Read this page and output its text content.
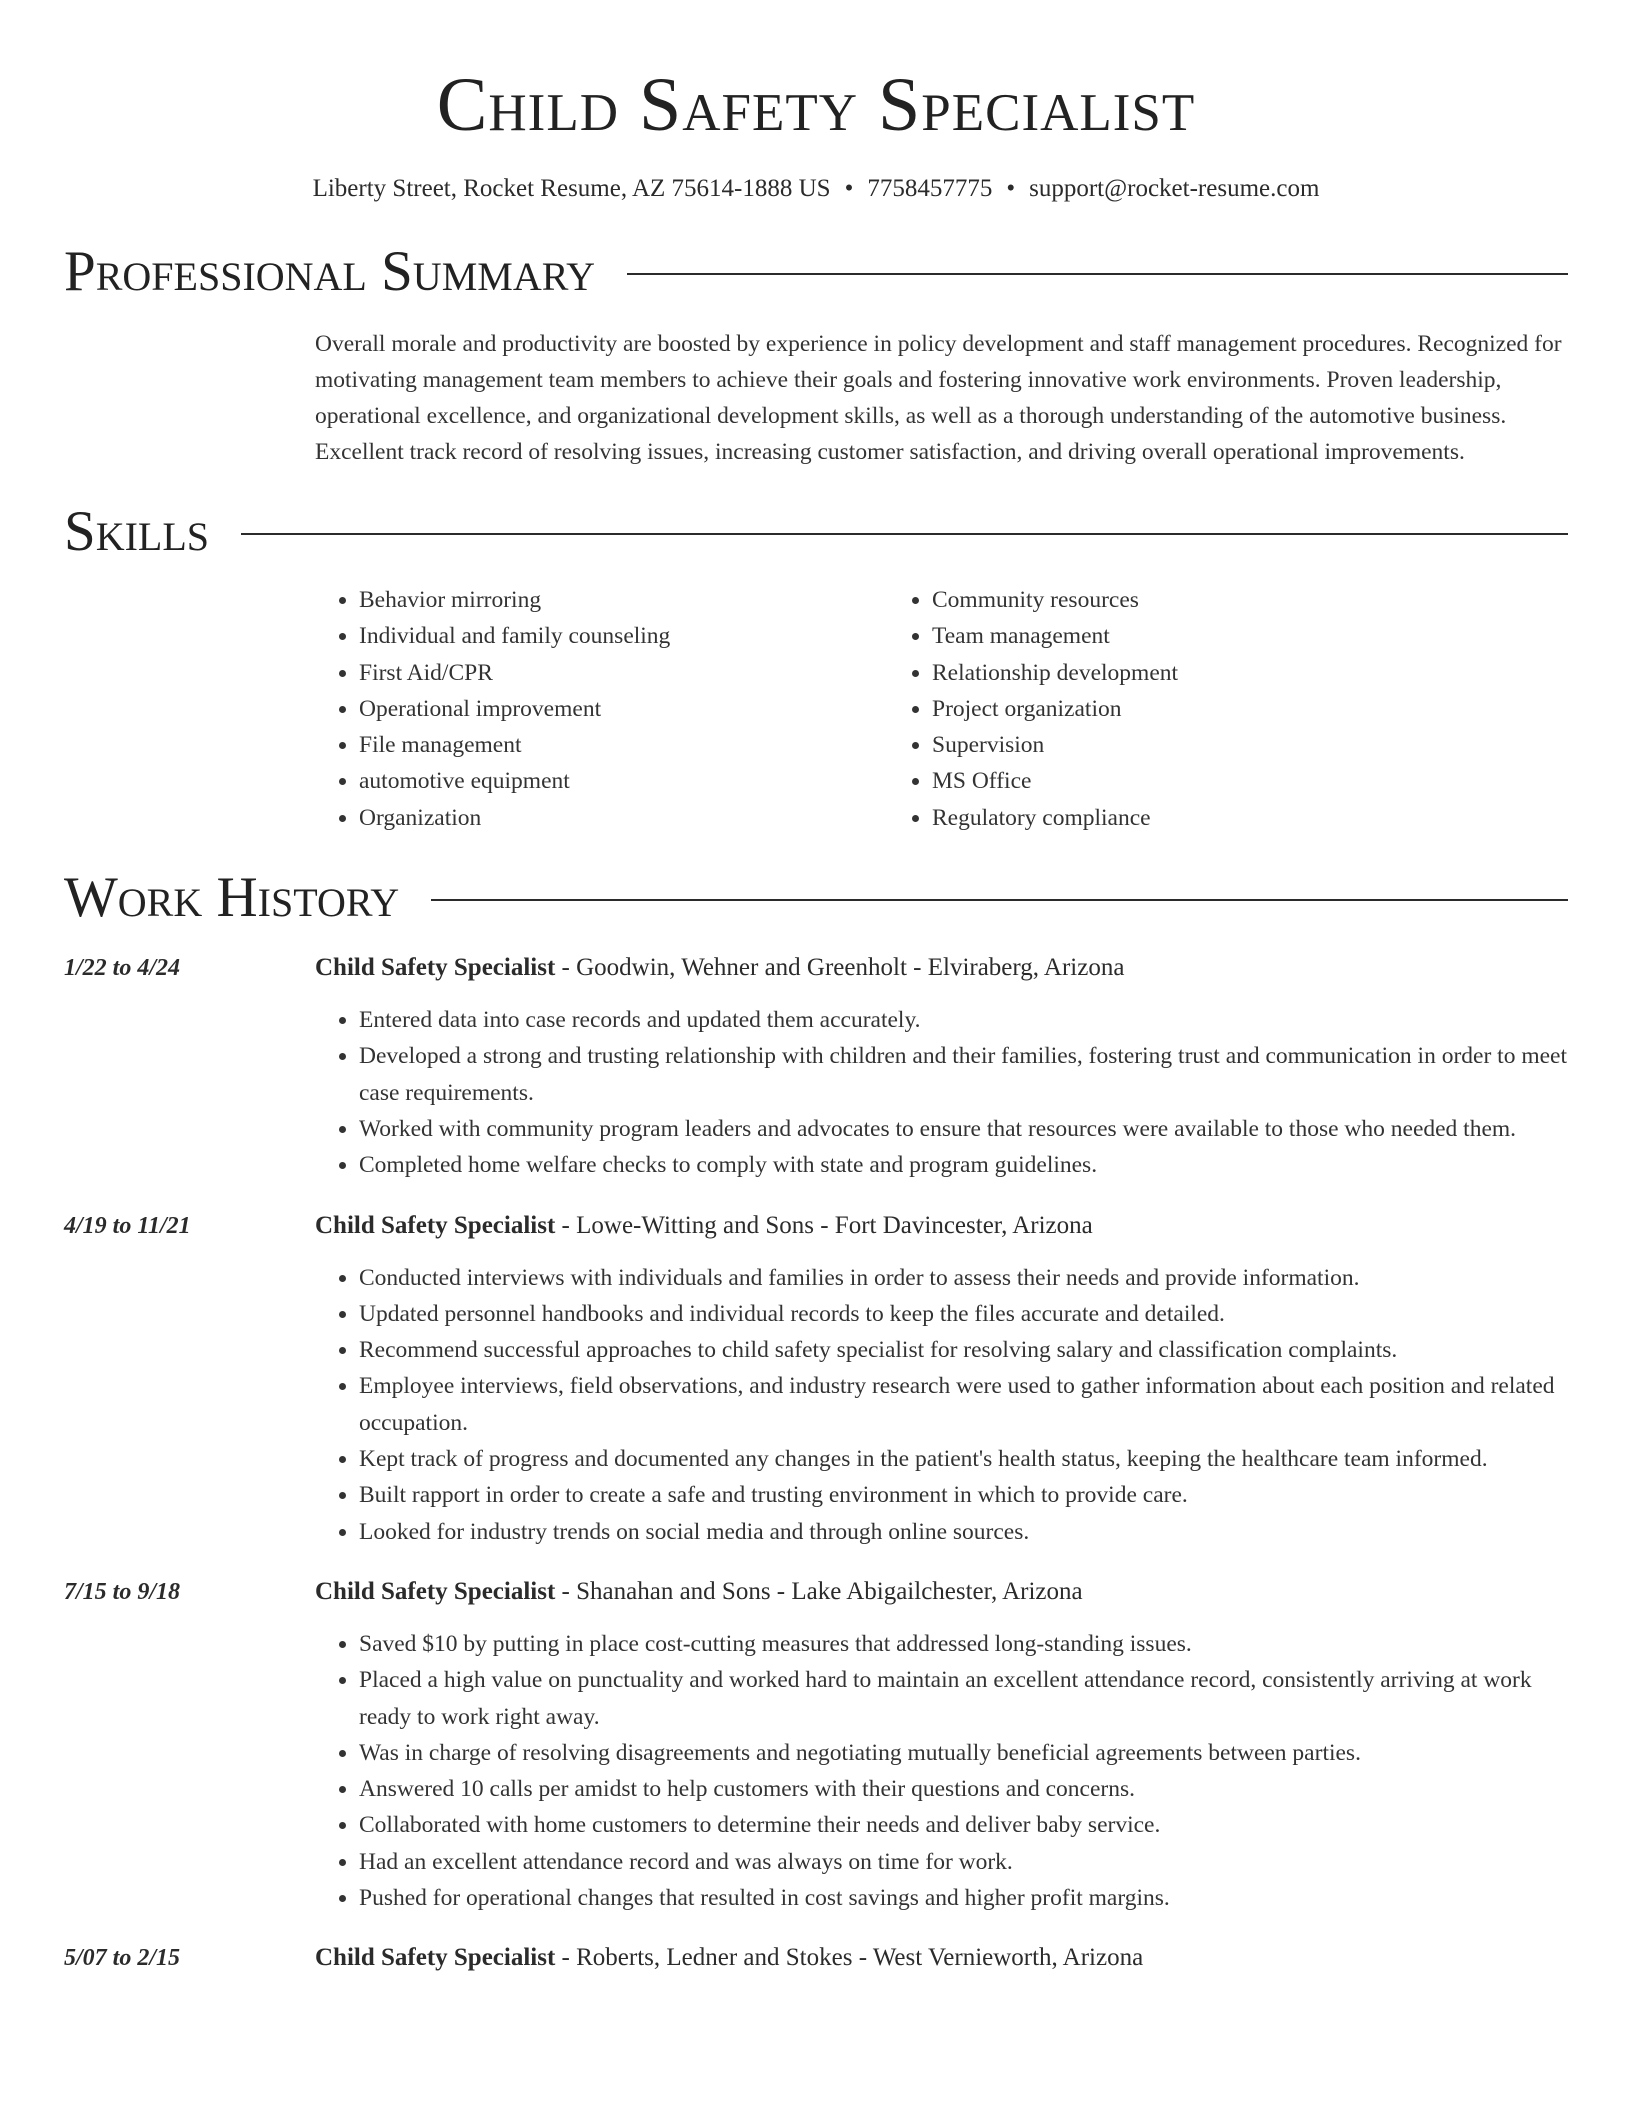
Child Safety Specialist
Liberty Street, Rocket Resume, AZ 75614-1888 US • 7758457775 • support@rocket-resume.com
Professional Summary
Overall morale and productivity are boosted by experience in policy development and staff management procedures. Recognized for motivating management team members to achieve their goals and fostering innovative work environments. Proven leadership, operational excellence, and organizational development skills, as well as a thorough understanding of the automotive business. Excellent track record of resolving issues, increasing customer satisfaction, and driving overall operational improvements.
Skills
• Behavior mirroring
• Individual and family counseling
• First Aid/CPR
• Operational improvement
• File management
• automotive equipment
• Organization
• Community resources
• Team management
• Relationship development
• Project organization
• Supervision
• MS Office
• Regulatory compliance
Work History
1/22 to 4/24	Child Safety Specialist - Goodwin, Wehner and Greenholt - Elviraberg, Arizona
• Entered data into case records and updated them accurately.
• Developed a strong and trusting relationship with children and their families, fostering trust and communication in order to meet case requirements.
• Worked with community program leaders and advocates to ensure that resources were available to those who needed them.
• Completed home welfare checks to comply with state and program guidelines.
4/19 to 11/21	Child Safety Specialist - Lowe-Witting and Sons - Fort Davincester, Arizona
• Conducted interviews with individuals and families in order to assess their needs and provide information.
• Updated personnel handbooks and individual records to keep the files accurate and detailed.
• Recommend successful approaches to child safety specialist for resolving salary and classification complaints.
• Employee interviews, field observations, and industry research were used to gather information about each position and related occupation.
• Kept track of progress and documented any changes in the patient's health status, keeping the healthcare team informed.
• Built rapport in order to create a safe and trusting environment in which to provide care.
• Looked for industry trends on social media and through online sources.
7/15 to 9/18	Child Safety Specialist - Shanahan and Sons - Lake Abigailchester, Arizona
• Saved $10 by putting in place cost-cutting measures that addressed long-standing issues.
• Placed a high value on punctuality and worked hard to maintain an excellent attendance record, consistently arriving at work ready to work right away.
• Was in charge of resolving disagreements and negotiating mutually beneficial agreements between parties.
• Answered 10 calls per amidst to help customers with their questions and concerns.
• Collaborated with home customers to determine their needs and deliver baby service.
• Had an excellent attendance record and was always on time for work.
• Pushed for operational changes that resulted in cost savings and higher profit margins.
5/07 to 2/15	Child Safety Specialist - Roberts, Ledner and Stokes - West Vernieworth, Arizona
